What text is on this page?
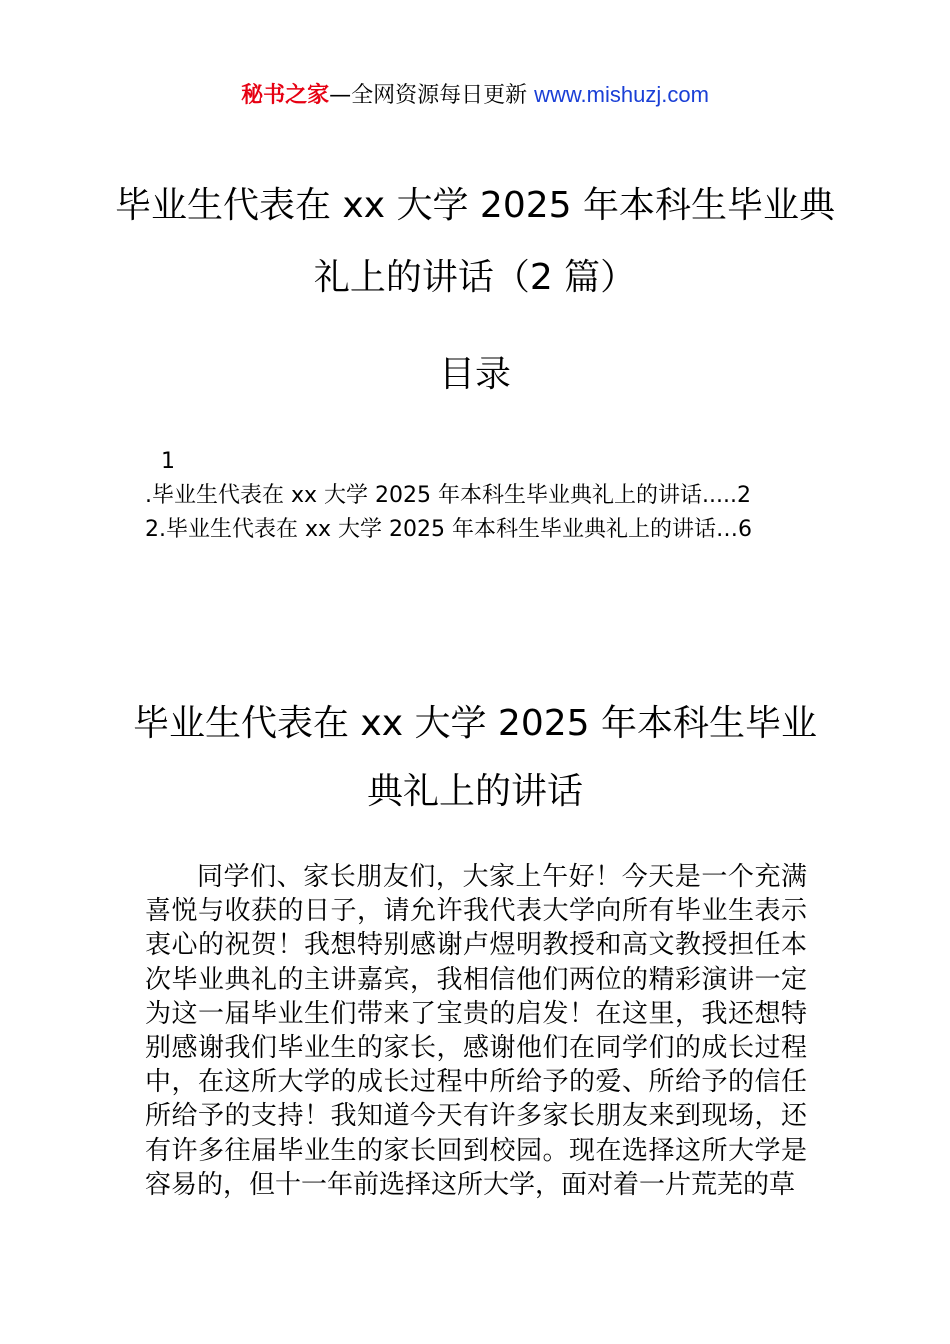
秘书之家—全网资源每日更新 www.mishuzj.com
毕业生代表在 xx 大学 2025 年本科生毕业典礼上的讲话（2 篇）
目录
1
.毕业生代表在 xx 大学 2025 年本科生毕业典礼上的讲话.....2
2.毕业生代表在 xx 大学 2025 年本科生毕业典礼上的讲话…6
毕业生代表在 xx 大学 2025 年本科生毕业典礼上的讲话

同学们、家长朋友们，大家上午好！今天是一个充满喜悦与收获的日子，请允许我代表大学向所有毕业生表示衷心的祝贺！我想特别感谢卢煜明教授和高文教授担任本次毕业典礼的主讲嘉宾，我相信他们两位的精彩演讲一定为这一届毕业生们带来了宝贵的启发！在这里，我还想特别感谢我们毕业生的家长，感谢他们在同学们的成长过程中，在这所大学的成长过程中所给予的爱、所给予的信任所给予的支持！我知道今天有许多家长朋友来到现场，还有许多往届毕业生的家长回到校园。现在选择这所大学是容易的，但十一年前选择这所大学，面对着一片荒芜的草
